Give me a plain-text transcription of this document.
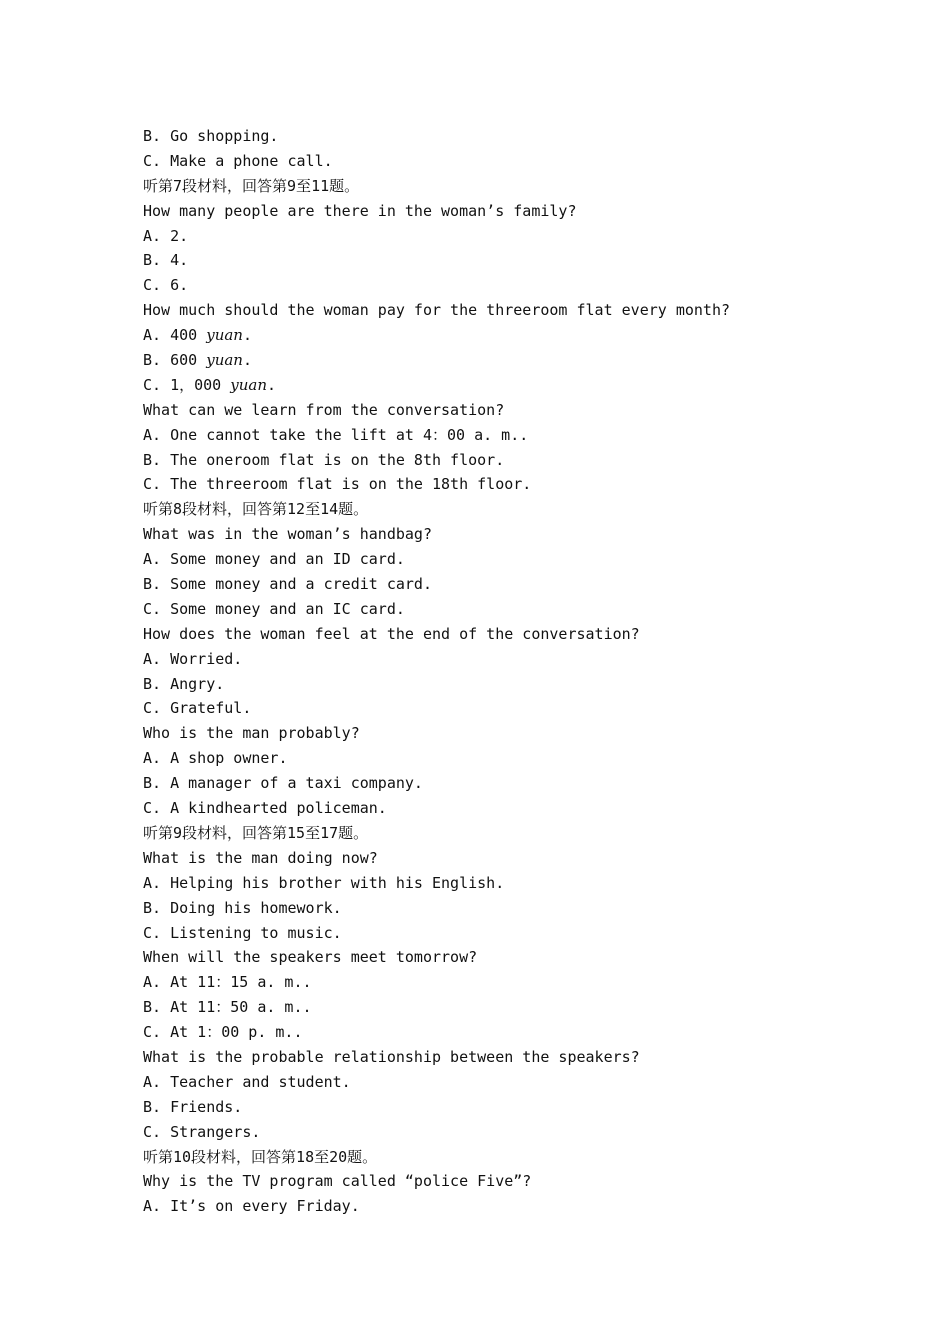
B. Go shopping.
C. Make a phone call.
听第7段材料，回答第9至11题。
How many people are there in the woman’s family?
A. 2.
B. 4.
C. 6.
How much should the woman pay for the threeroom flat every month?
A. 400 yuan.
B. 600 yuan.
C. 1，000 yuan.
What can we learn from the conversation?
A. One cannot take the lift at 4：00 a. m..
B. The oneroom flat is on the 8th floor.
C. The threeroom flat is on the 18th floor.
听第8段材料，回答第12至14题。
What was in the woman’s handbag?
A. Some money and an ID card.
B. Some money and a credit card.
C. Some money and an IC card.
How does the woman feel at the end of the conversation?
A. Worried.
B. Angry.
C. Grateful.
Who is the man probably?
A. A shop owner.
B. A manager of a taxi company.
C. A kindhearted policeman.
听第9段材料，回答第15至17题。
What is the man doing now?
A. Helping his brother with his English.
B. Doing his homework.
C. Listening to music.
When will the speakers meet tomorrow?
A. At 11：15 a. m..
B. At 11：50 a. m..
C. At 1：00 p. m..
What is the probable relationship between the speakers?
A. Teacher and student.
B. Friends.
C. Strangers.
听第10段材料，回答第18至20题。
Why is the TV program called “police Five”?
A. It’s on every Friday.
